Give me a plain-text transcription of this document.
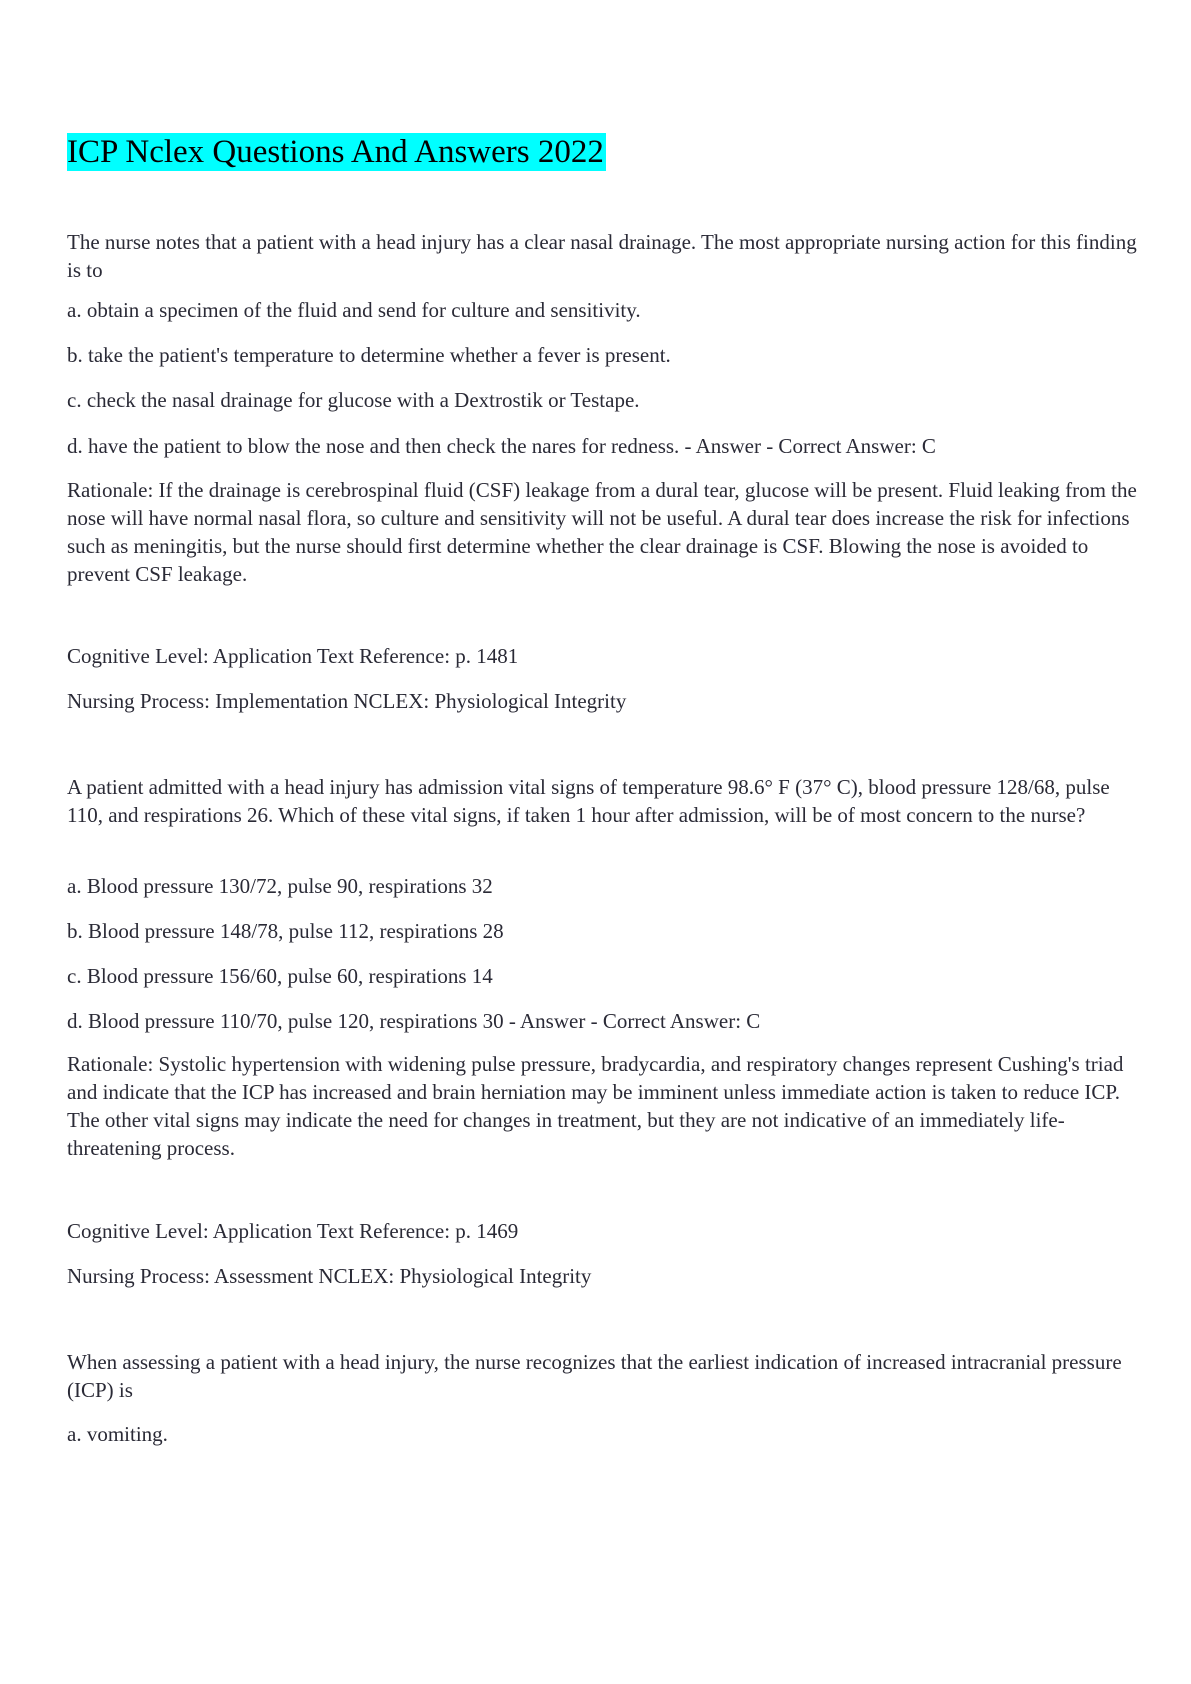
ICP Nclex Questions And Answers 2022

The nurse notes that a patient with a head injury has a clear nasal drainage. The most appropriate nursing action for this finding is to

a. obtain a specimen of the fluid and send for culture and sensitivity.

b. take the patient's temperature to determine whether a fever is present.

c. check the nasal drainage for glucose with a Dextrostik or Testape.

d. have the patient to blow the nose and then check the nares for redness. - Answer - Correct Answer: C

Rationale: If the drainage is cerebrospinal fluid (CSF) leakage from a dural tear, glucose will be present. Fluid leaking from the nose will have normal nasal flora, so culture and sensitivity will not be useful. A dural tear does increase the risk for infections such as meningitis, but the nurse should first determine whether the clear drainage is CSF. Blowing the nose is avoided to prevent CSF leakage.

Cognitive Level: Application Text Reference: p. 1481

Nursing Process: Implementation NCLEX: Physiological Integrity

A patient admitted with a head injury has admission vital signs of temperature 98.6° F (37° C), blood pressure 128/68, pulse 110, and respirations 26. Which of these vital signs, if taken 1 hour after admission, will be of most concern to the nurse?

a. Blood pressure 130/72, pulse 90, respirations 32

b. Blood pressure 148/78, pulse 112, respirations 28

c. Blood pressure 156/60, pulse 60, respirations 14

d. Blood pressure 110/70, pulse 120, respirations 30 - Answer - Correct Answer: C

Rationale: Systolic hypertension with widening pulse pressure, bradycardia, and respiratory changes represent Cushing's triad and indicate that the ICP has increased and brain herniation may be imminent unless immediate action is taken to reduce ICP. The other vital signs may indicate the need for changes in treatment, but they are not indicative of an immediately life-threatening process.

Cognitive Level: Application Text Reference: p. 1469

Nursing Process: Assessment NCLEX: Physiological Integrity

When assessing a patient with a head injury, the nurse recognizes that the earliest indication of increased intracranial pressure (ICP) is

a. vomiting.
